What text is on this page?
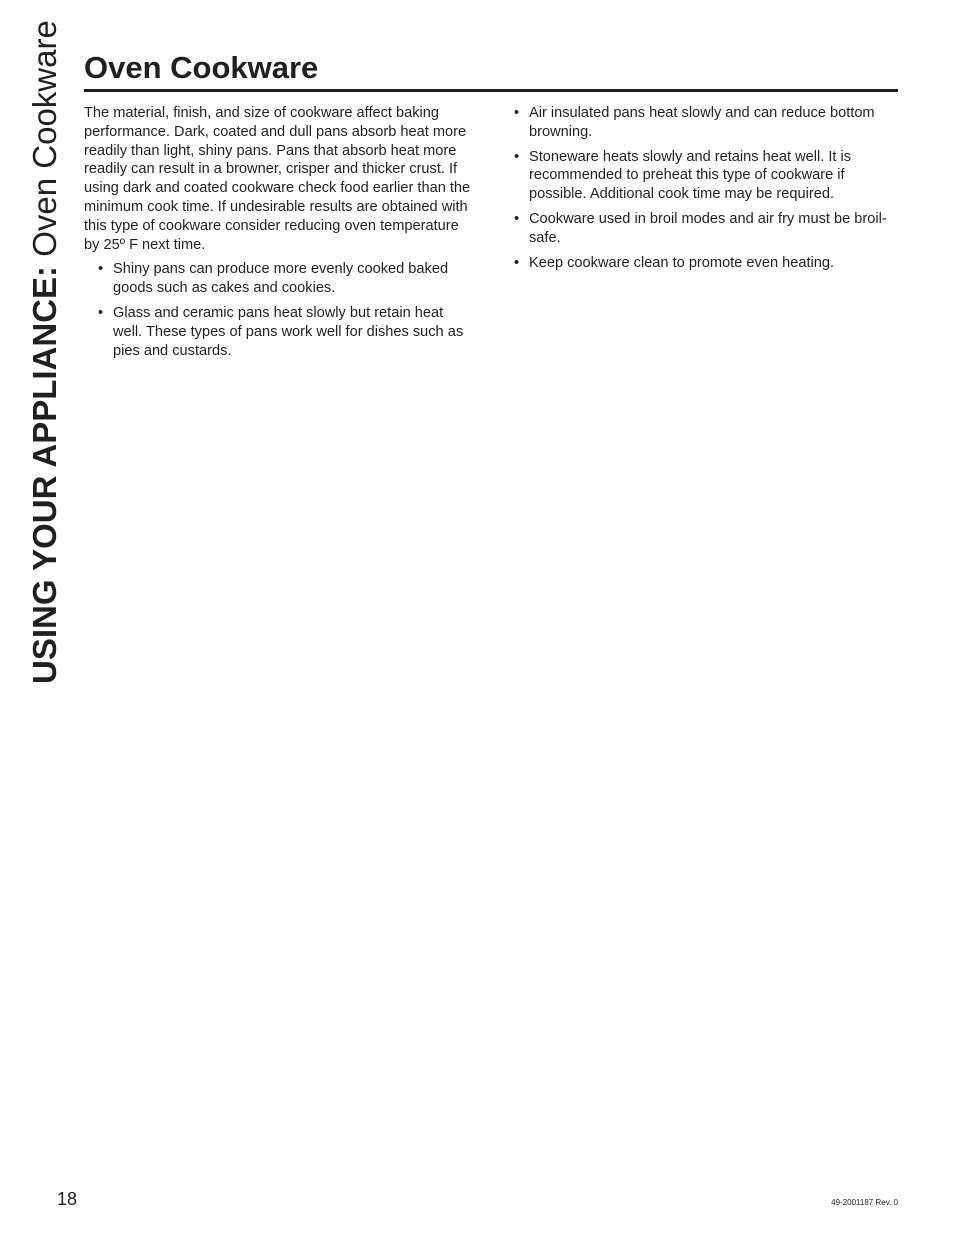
USING YOUR APPLIANCE: Oven Cookware Oven Cookware

The material, finish, and size of cookware affect baking performance. Dark, coated and dull pans absorb heat more readily than light, shiny pans. Pans that absorb heat more readily can result in a browner, crisper and thicker crust. If using dark and coated cookware check food earlier than the minimum cook time. If undesirable results are obtained with this type of cookware consider reducing oven temperature by 25º F next time.

• Shiny pans can produce more evenly cooked baked goods such as cakes and cookies.
• Glass and ceramic pans heat slowly but retain heat well. These types of pans work well for dishes such as pies and custards.
• Air insulated pans heat slowly and can reduce bottom browning.
• Stoneware heats slowly and retains heat well. It is recommended to preheat this type of cookware if possible. Additional cook time may be required.
• Cookware used in broil modes and air fry must be broil-safe.
• Keep cookware clean to promote even heating.
18	49-2001187 Rev. 0
